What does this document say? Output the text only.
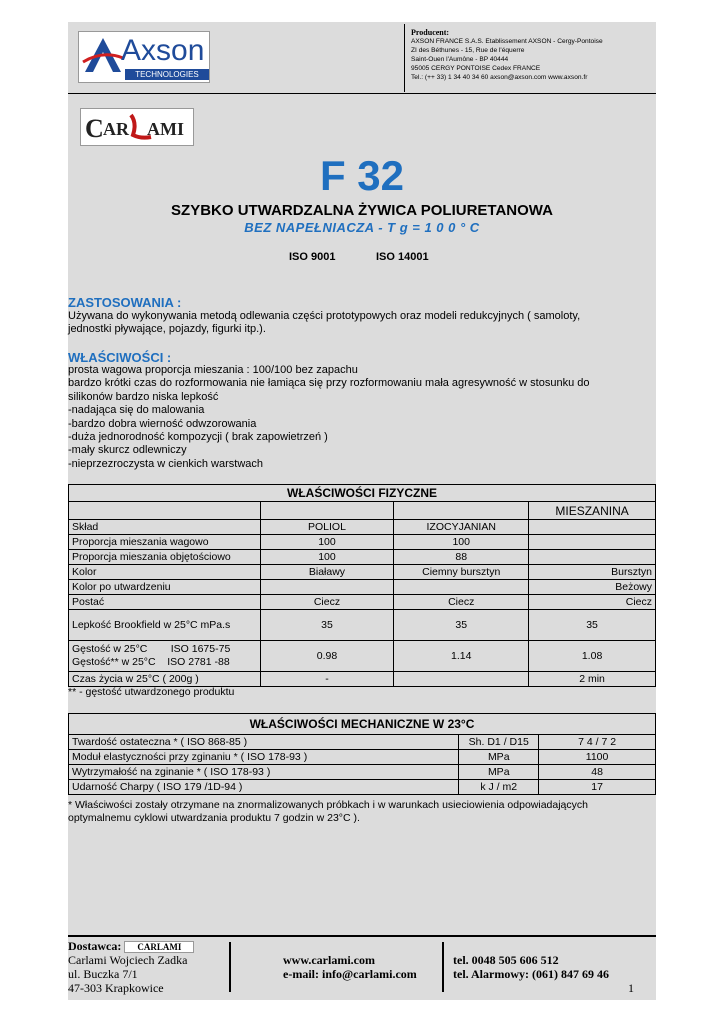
Axson
TECHNOLOGIES
Producent:
AXSON FRANCE S.A.S. Etablissement AXSON - Cergy-Pontoise
ZI des Béthunes - 15, Rue de l'équerre
Saint-Ouen l'Aumône - BP 40444
95005 CERGY PONTOISE Cedex FRANCE
Tel.: (++ 33) 1 34 40 34 60 axson@axson.com www.axson.fr
C AR AMI
F 32
SZYBKO UTWARDZALNA ŻYWICA POLIURETANOWA
BEZ NAPEŁNIACZA - T g = 1 0 0 ° C
ISO 9001	ISO 14001
ZASTOSOWANIA :
Używana do wykonywania metodą odlewania części prototypowych oraz modeli redukcyjnych ( samoloty,
jednostki pływające, pojazdy, figurki itp.).
WŁAŚCIWOŚCI :
prosta wagowa proporcja mieszania : 100/100 bez zapachu
bardzo krótki czas do rozformowania nie łamiąca się przy rozformowaniu mała agresywność w stosunku do
silikonów bardzo niska lepkość
-nadająca się do malowania
-bardzo dobra wierność odwzorowania
-duża jednorodność kompozycji ( brak zapowietrzeń )
-mały skurcz odlewniczy
-nieprzezroczysta w cienkich warstwach
WŁAŚCIWOŚCI FIZYCZNE			
			MIESZANINA
Skład	POLIOL	IZOCYJANIAN	
Proporcja mieszania wagowo	100	100	
Proporcja mieszania objętościowo	100	88	
Kolor	Białawy	Ciemny bursztyn	Bursztyn
Kolor po utwardzeniu			Beżowy
Postać	Ciecz	Ciecz	Ciecz
Lepkość Brookfield w 25°C mPa.s	35	35	35

Gęstość w 25°C ISO 1675-75
Gęstość** w 25°C ISO 2781 -88	0.98	1.14	1.08
Czas życia w 25°C ( 200g )	-		2 min
** - gęstość utwardzonego produktu
WŁAŚCIWOŚCI MECHANICZNE W 23°C		
Twardość ostateczna * ( ISO 868-85 )	Sh. D1 / D15	7 4 / 7 2
Moduł elastyczności przy zginaniu * ( ISO 178-93 )	MPa	1100
Wytrzymałość na zginanie * ( ISO 178-93 )	MPa	48
Udarność Charpy ( ISO 179 /1D-94 )	k J / m2	17
* Właściwości zostały otrzymane na znormalizowanych próbkach i w warunkach usieciowienia odpowiadających
optymalnemu cyklowi utwardzania produktu 7 godzin w 23°C ).
Dostawca: CARLAMI
Carlami Wojciech Zadka
ul. Buczka 7/1
47-303 Krapkowice
www.carlami.com
e-mail: info@carlami.com
tel. 0048 505 606 512
tel. Alarmowy: (061) 847 69 46
1
